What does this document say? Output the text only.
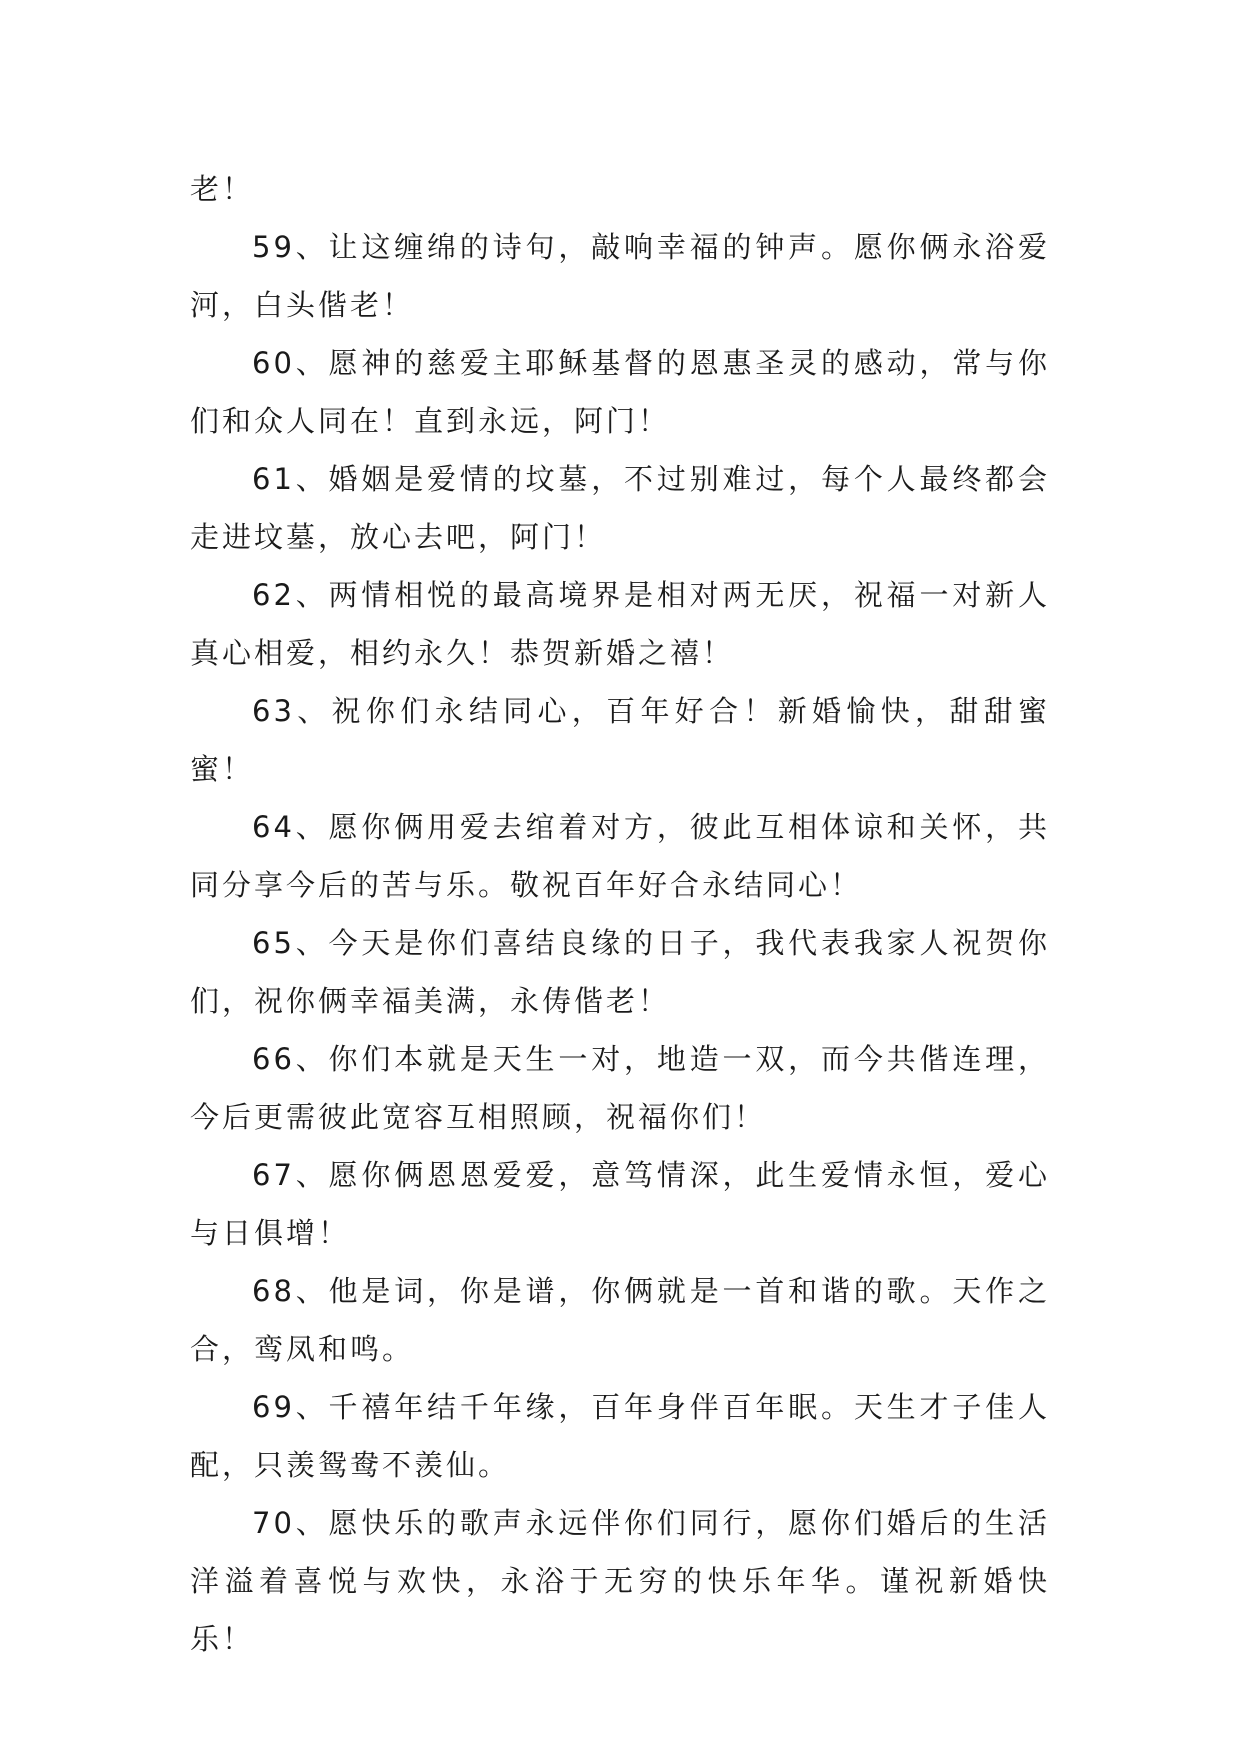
老！

59、让这缠绵的诗句，敲响幸福的钟声。愿你俩永浴爱河，白头偕老！

60、愿神的慈爱主耶稣基督的恩惠圣灵的感动，常与你们和众人同在！直到永远，阿门！

61、婚姻是爱情的坟墓，不过别难过，每个人最终都会走进坟墓，放心去吧，阿门！

62、两情相悦的最高境界是相对两无厌，祝福一对新人真心相爱，相约永久！恭贺新婚之禧！

63、祝你们永结同心，百年好合！新婚愉快，甜甜蜜蜜！

64、愿你俩用爱去绾着对方，彼此互相体谅和关怀，共同分享今后的苦与乐。敬祝百年好合永结同心！

65、今天是你们喜结良缘的日子，我代表我家人祝贺你们，祝你俩幸福美满，永俦偕老！

66、你们本就是天生一对，地造一双，而今共偕连理，今后更需彼此宽容互相照顾，祝福你们！

67、愿你俩恩恩爱爱，意笃情深，此生爱情永恒，爱心与日俱增！

68、他是词，你是谱，你俩就是一首和谐的歌。天作之合，鸾凤和鸣。

69、千禧年结千年缘，百年身伴百年眠。天生才子佳人配，只羡鸳鸯不羡仙。

70、愿快乐的歌声永远伴你们同行，愿你们婚后的生活洋溢着喜悦与欢快，永浴于无穷的快乐年华。谨祝新婚快乐！
